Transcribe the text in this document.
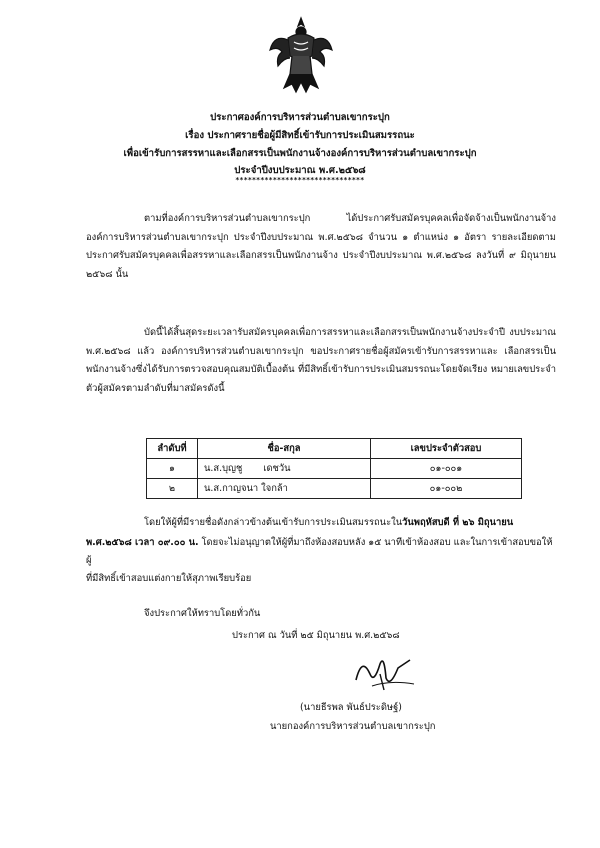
ประกาศองค์การบริหารส่วนตำบลเขากระปุก
เรื่อง ประกาศรายชื่อผู้มีสิทธิ์เข้ารับการประเมินสมรรถนะ
เพื่อเข้ารับการสรรหาและเลือกสรรเป็นพนักงานจ้างองค์การบริหารส่วนตำบลเขากระปุก
ประจำปีงบประมาณ พ.ศ.๒๕๖๘
*******************************
ตามที่องค์การบริหารส่วนตำบลเขากระปุก ได้ประกาศรับสมัครบุคคลเพื่อจัดจ้างเป็นพนักงานจ้าง องค์การบริหารส่วนตำบลเขากระปุก ประจำปีงบประมาณ พ.ศ.๒๕๖๘ จำนวน ๑ ตำแหน่ง ๑ อัตรา รายละเอียดตาม ประกาศรับสมัครบุคคลเพื่อสรรหาและเลือกสรรเป็นพนักงานจ้าง ประจำปีงบประมาณ พ.ศ.๒๕๖๘ ลงวันที่ ๙ มิถุนายน ๒๕๖๘ นั้น
บัดนี้ได้สิ้นสุดระยะเวลารับสมัครบุคคลเพื่อการสรรหาและเลือกสรรเป็นพนักงานจ้างประจำปี งบประมาณ พ.ศ.๒๕๖๘ แล้ว องค์การบริหารส่วนตำบลเขากระปุก ขอประกาศรายชื่อผู้สมัครเข้ารับการสรรหาและ เลือกสรรเป็นพนักงานจ้างซึ่งได้รับการตรวจสอบคุณสมบัติเบื้องต้น ที่มีสิทธิ์เข้ารับการประเมินสมรรถนะโดยจัดเรียง หมายเลขประจำตัวผู้สมัครตามลำดับที่มาสมัครดังนี้
ลำดับที่	ชื่อ-สกุล	เลขประจำตัวสอบ
๑	น.ส.บุญชู       เดชวัน	๐๑-๐๐๑
๒	น.ส.กาญจนา ใจกล้า	๐๑-๐๐๒
โดยให้ผู้ที่มีรายชื่อดังกล่าวข้างต้นเข้ารับการประเมินสมรรถนะในวันพฤหัสบดี ที่ ๒๖ มิถุนายน
พ.ศ.๒๕๖๘ เวลา ๐๙.๐๐ น. โดยจะไม่อนุญาตให้ผู้ที่มาถึงห้องสอบหลัง ๑๕ นาทีเข้าห้องสอบ และในการเข้าสอบขอให้ผู้
ที่มีสิทธิ์เข้าสอบแต่งกายให้สุภาพเรียบร้อย
จึงประกาศให้ทราบโดยทั่วกัน
ประกาศ ณ วันที่ ๒๕ มิถุนายน พ.ศ.๒๕๖๘
(นายธีรพล พันธ์ประดิษฐ์)
นายกองค์การบริหารส่วนตำบลเขากระปุก
